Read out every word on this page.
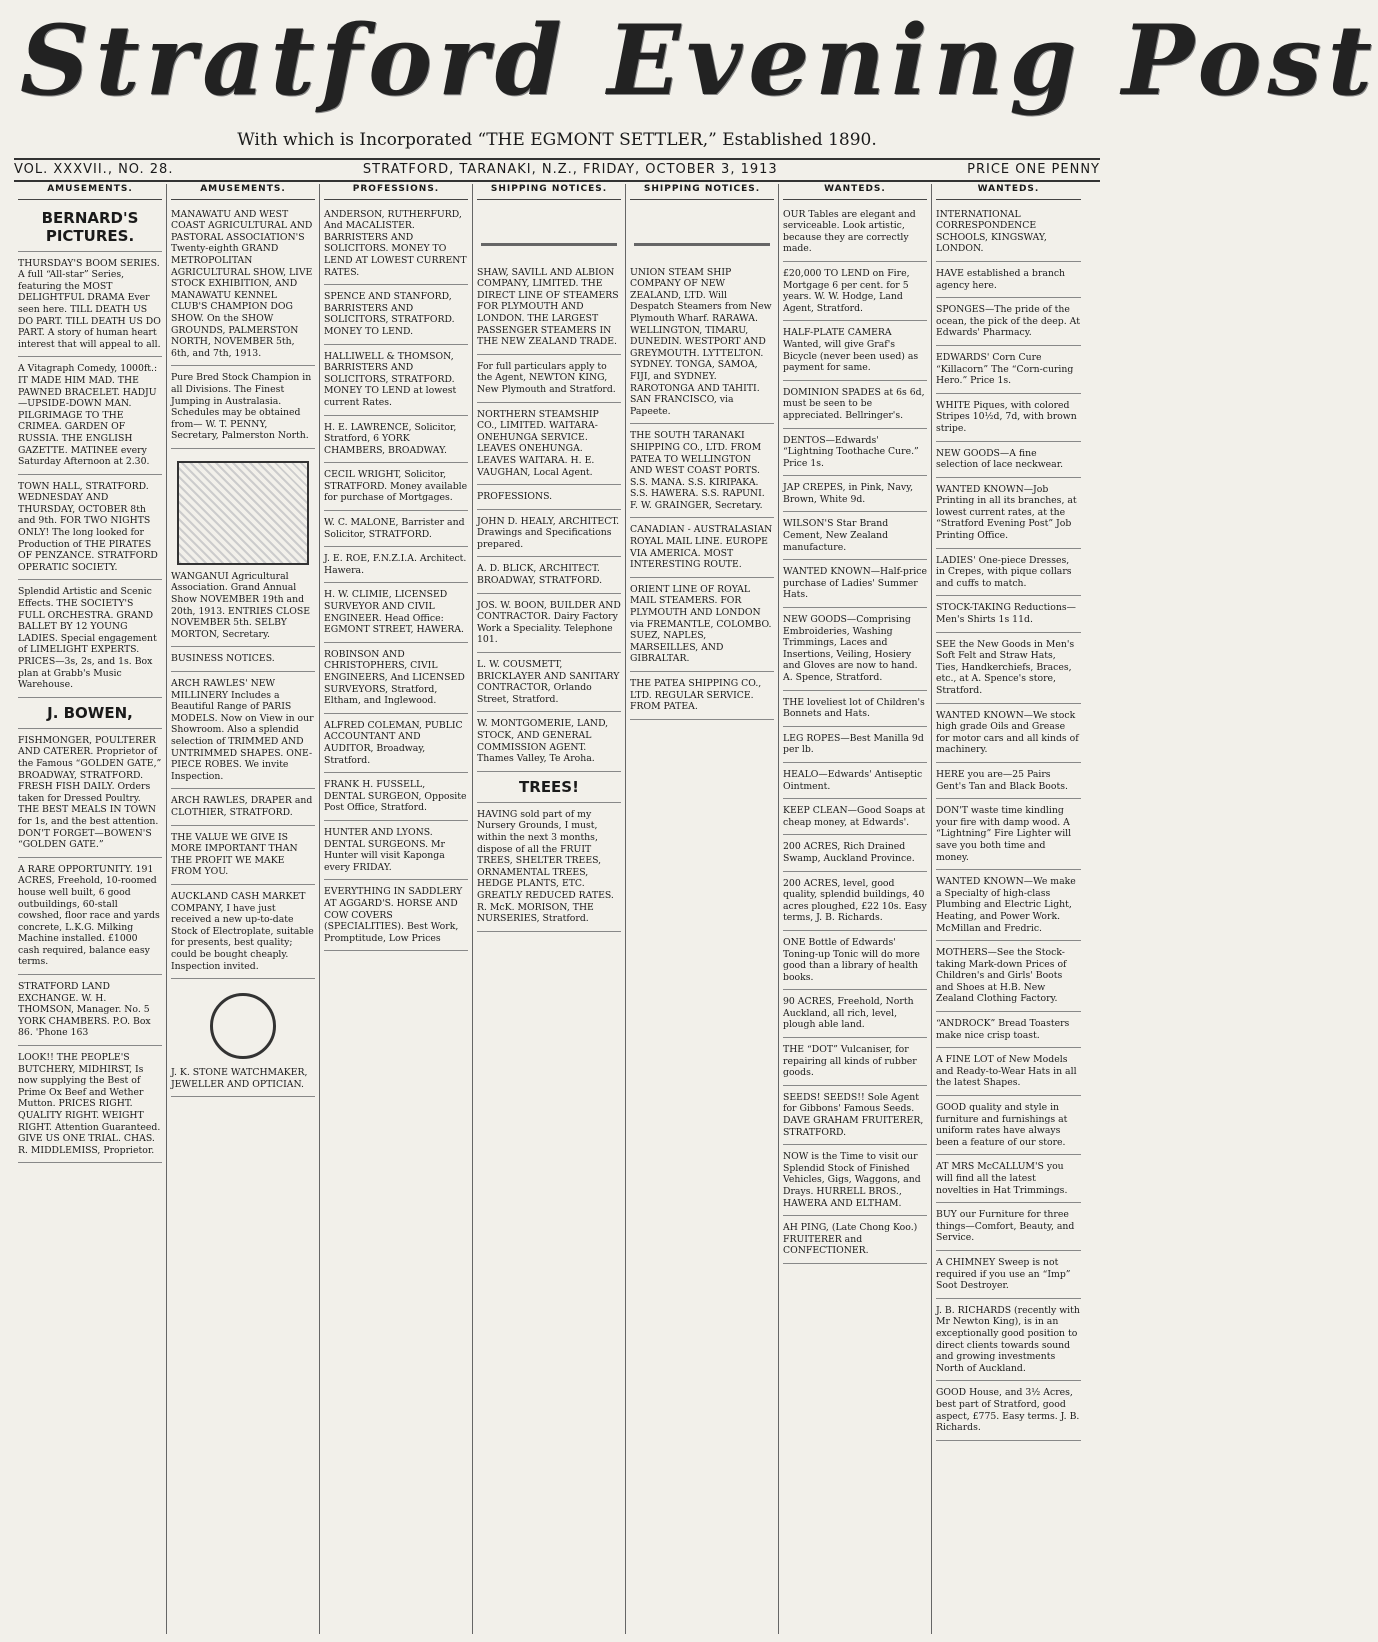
Stratford Evening Post
With which is Incorporated “THE EGMONT SETTLER,” Established 1890.
VOL. XXXVII., NO. 28.	STRATFORD, TARANAKI, N.Z., FRIDAY, OCTOBER 3, 1913	PRICE ONE PENNY
AMUSEMENTS.

BERNARD'S PICTURES.

THURSDAY'S BOOM SERIES. A full “All-star” Series, featuring the MOST DELIGHTFUL DRAMA Ever seen here. TILL DEATH US DO PART. TILL DEATH US DO PART. A story of human heart interest that will appeal to all.

A Vitagraph Comedy, 1000ft.: IT MADE HIM MAD. THE PAWNED BRACELET. HADJU—UPSIDE-DOWN MAN. PILGRIMAGE TO THE CRIMEA. GARDEN OF RUSSIA. THE ENGLISH GAZETTE. MATINEE every Saturday Afternoon at 2.30.

TOWN HALL, STRATFORD. WEDNESDAY AND THURSDAY, OCTOBER 8th and 9th. FOR TWO NIGHTS ONLY! The long looked for Production of THE PIRATES OF PENZANCE. STRATFORD OPERATIC SOCIETY.

Splendid Artistic and Scenic Effects. THE SOCIETY'S FULL ORCHESTRA. GRAND BALLET BY 12 YOUNG LADIES. Special engagement of LIMELIGHT EXPERTS. PRICES—3s, 2s, and 1s. Box plan at Grabb's Music Warehouse.

J. BOWEN,

FISHMONGER, POULTERER AND CATERER. Proprietor of the Famous “GOLDEN GATE,” BROADWAY, STRATFORD. FRESH FISH DAILY. Orders taken for Dressed Poultry. THE BEST MEALS IN TOWN for 1s, and the best attention. DON'T FORGET—BOWEN'S “GOLDEN GATE.”

A RARE OPPORTUNITY. 191 ACRES, Freehold, 10-roomed house well built, 6 good outbuildings, 60-stall cowshed, floor race and yards concrete, L.K.G. Milking Machine installed. £1000 cash required, balance easy terms.

STRATFORD LAND EXCHANGE. W. H. THOMSON, Manager. No. 5 YORK CHAMBERS. P.O. Box 86. 'Phone 163

LOOK!! THE PEOPLE'S BUTCHERY, MIDHIRST, Is now supplying the Best of Prime Ox Beef and Wether Mutton. PRICES RIGHT. QUALITY RIGHT. WEIGHT RIGHT. Attention Guaranteed. GIVE US ONE TRIAL. CHAS. R. MIDDLEMISS, Proprietor.

AMUSEMENTS.

MANAWATU AND WEST COAST AGRICULTURAL AND PASTORAL ASSOCIATION'S Twenty-eighth GRAND METROPOLITAN AGRICULTURAL SHOW, LIVE STOCK EXHIBITION, AND MANAWATU KENNEL CLUB'S CHAMPION DOG SHOW. On the SHOW GROUNDS, PALMERSTON NORTH, NOVEMBER 5th, 6th, and 7th, 1913.

Pure Bred Stock Champion in all Divisions. The Finest Jumping in Australasia. Schedules may be obtained from— W. T. PENNY, Secretary, Palmerston North.

WANGANUI Agricultural Association. Grand Annual Show NOVEMBER 19th and 20th, 1913. ENTRIES CLOSE NOVEMBER 5th. SELBY MORTON, Secretary.

BUSINESS NOTICES.

ARCH RAWLES' NEW MILLINERY Includes a Beautiful Range of PARIS MODELS. Now on View in our Showroom. Also a splendid selection of TRIMMED AND UNTRIMMED SHAPES. ONE-PIECE ROBES. We invite Inspection.

ARCH RAWLES, DRAPER and CLOTHIER, STRATFORD.

THE VALUE WE GIVE IS MORE IMPORTANT THAN THE PROFIT WE MAKE FROM YOU.

AUCKLAND CASH MARKET COMPANY, I have just received a new up-to-date Stock of Electroplate, suitable for presents, best quality; could be bought cheaply. Inspection invited.

J. K. STONE WATCHMAKER, JEWELLER AND OPTICIAN.

PROFESSIONS.

ANDERSON, RUTHERFURD, And MACALISTER. BARRISTERS AND SOLICITORS. MONEY TO LEND AT LOWEST CURRENT RATES.

SPENCE AND STANFORD, BARRISTERS AND SOLICITORS, STRATFORD. MONEY TO LEND.

HALLIWELL & THOMSON, BARRISTERS AND SOLICITORS, STRATFORD. MONEY TO LEND at lowest current Rates.

H. E. LAWRENCE, Solicitor, Stratford, 6 YORK CHAMBERS, BROADWAY.

CECIL WRIGHT, Solicitor, STRATFORD. Money available for purchase of Mortgages.

W. C. MALONE, Barrister and Solicitor, STRATFORD.

J. E. ROE, F.N.Z.I.A. Architect. Hawera.

H. W. CLIMIE, LICENSED SURVEYOR AND CIVIL ENGINEER. Head Office: EGMONT STREET, HAWERA.

ROBINSON AND CHRISTOPHERS, CIVIL ENGINEERS, And LICENSED SURVEYORS, Stratford, Eltham, and Inglewood.

ALFRED COLEMAN, PUBLIC ACCOUNTANT AND AUDITOR, Broadway, Stratford.

FRANK H. FUSSELL, DENTAL SURGEON, Opposite Post Office, Stratford.

HUNTER AND LYONS. DENTAL SURGEONS. Mr Hunter will visit Kaponga every FRIDAY.

EVERYTHING IN SADDLERY AT AGGARD'S. HORSE AND COW COVERS (SPECIALITIES). Best Work, Promptitude, Low Prices

SHIPPING NOTICES.

SHAW, SAVILL AND ALBION COMPANY, LIMITED. THE DIRECT LINE OF STEAMERS FOR PLYMOUTH AND LONDON. THE LARGEST PASSENGER STEAMERS IN THE NEW ZEALAND TRADE.

For full particulars apply to the Agent, NEWTON KING, New Plymouth and Stratford.

NORTHERN STEAMSHIP CO., LIMITED. WAITARA-ONEHUNGA SERVICE. LEAVES ONEHUNGA. LEAVES WAITARA. H. E. VAUGHAN, Local Agent.

PROFESSIONS.

JOHN D. HEALY, ARCHITECT. Drawings and Specifications prepared.

A. D. BLICK, ARCHITECT. BROADWAY, STRATFORD.

JOS. W. BOON, BUILDER AND CONTRACTOR. Dairy Factory Work a Speciality. Telephone 101.

L. W. COUSMETT, BRICKLAYER AND SANITARY CONTRACTOR, Orlando Street, Stratford.

W. MONTGOMERIE, LAND, STOCK, AND GENERAL COMMISSION AGENT. Thames Valley, Te Aroha.

TREES!

HAVING sold part of my Nursery Grounds, I must, within the next 3 months, dispose of all the FRUIT TREES, SHELTER TREES, ORNAMENTAL TREES, HEDGE PLANTS, ETC. GREATLY REDUCED RATES. R. McK. MORISON, THE NURSERIES, Stratford.

SHIPPING NOTICES.

UNION STEAM SHIP COMPANY OF NEW ZEALAND, LTD. Will Despatch Steamers from New Plymouth Wharf. RARAWA. WELLINGTON, TIMARU, DUNEDIN. WESTPORT AND GREYMOUTH. LYTTELTON. SYDNEY. TONGA, SAMOA, FIJI, and SYDNEY. RAROTONGA AND TAHITI. SAN FRANCISCO, via Papeete.

THE SOUTH TARANAKI SHIPPING CO., LTD. FROM PATEA TO WELLINGTON AND WEST COAST PORTS. S.S. MANA. S.S. KIRIPAKA. S.S. HAWERA. S.S. RAPUNI. F. W. GRAINGER, Secretary.

CANADIAN - AUSTRALASIAN ROYAL MAIL LINE. EUROPE VIA AMERICA. MOST INTERESTING ROUTE.

ORIENT LINE OF ROYAL MAIL STEAMERS. FOR PLYMOUTH AND LONDON via FREMANTLE, COLOMBO. SUEZ, NAPLES, MARSEILLES, AND GIBRALTAR.

THE PATEA SHIPPING CO., LTD. REGULAR SERVICE. FROM PATEA.

WANTEDS.

OUR Tables are elegant and serviceable. Look artistic, because they are correctly made.

£20,000 TO LEND on Fire, Mortgage 6 per cent. for 5 years. W. W. Hodge, Land Agent, Stratford.

HALF-PLATE CAMERA Wanted, will give Graf's Bicycle (never been used) as payment for same.

DOMINION SPADES at 6s 6d, must be seen to be appreciated. Bellringer's.

DENTOS—Edwards' “Lightning Toothache Cure.” Price 1s.

JAP CREPES, in Pink, Navy, Brown, White 9d.

WILSON'S Star Brand Cement, New Zealand manufacture.

WANTED KNOWN—Half-price purchase of Ladies' Summer Hats.

NEW GOODS—Comprising Embroideries, Washing Trimmings, Laces and Insertions, Veiling, Hosiery and Gloves are now to hand. A. Spence, Stratford.

THE loveliest lot of Children's Bonnets and Hats.

LEG ROPES—Best Manilla 9d per lb.

HEALO—Edwards' Antiseptic Ointment.

KEEP CLEAN—Good Soaps at cheap money, at Edwards'.

200 ACRES, Rich Drained Swamp, Auckland Province.

200 ACRES, level, good quality, splendid buildings, 40 acres ploughed, £22 10s. Easy terms, J. B. Richards.

ONE Bottle of Edwards' Toning-up Tonic will do more good than a library of health books.

90 ACRES, Freehold, North Auckland, all rich, level, plough able land.

THE “DOT” Vulcaniser, for repairing all kinds of rubber goods.

SEEDS! SEEDS!! Sole Agent for Gibbons' Famous Seeds. DAVE GRAHAM FRUITERER, STRATFORD.

NOW is the Time to visit our Splendid Stock of Finished Vehicles, Gigs, Waggons, and Drays. HURRELL BROS., HAWERA AND ELTHAM.

AH PING, (Late Chong Koo.) FRUITERER and CONFECTIONER.

WANTEDS.

INTERNATIONAL CORRESPONDENCE SCHOOLS, KINGSWAY, LONDON.

HAVE established a branch agency here.

SPONGES—The pride of the ocean, the pick of the deep. At Edwards' Pharmacy.

EDWARDS' Corn Cure “Killacorn” The “Corn-curing Hero.” Price 1s.

WHITE Piques, with colored Stripes 10½d, 7d, with brown stripe.

NEW GOODS—A fine selection of lace neckwear.

WANTED KNOWN—Job Printing in all its branches, at lowest current rates, at the “Stratford Evening Post” Job Printing Office.

LADIES' One-piece Dresses, in Crepes, with pique collars and cuffs to match.

STOCK-TAKING Reductions—Men's Shirts 1s 11d.

SEE the New Goods in Men's Soft Felt and Straw Hats, Ties, Handkerchiefs, Braces, etc., at A. Spence's store, Stratford.

WANTED KNOWN—We stock high grade Oils and Grease for motor cars and all kinds of machinery.

HERE you are—25 Pairs Gent's Tan and Black Boots.

DON'T waste time kindling your fire with damp wood. A “Lightning” Fire Lighter will save you both time and money.

WANTED KNOWN—We make a Specialty of high-class Plumbing and Electric Light, Heating, and Power Work. McMillan and Fredric.

MOTHERS—See the Stock-taking Mark-down Prices of Children's and Girls' Boots and Shoes at H.B. New Zealand Clothing Factory.

“ANDROCK” Bread Toasters make nice crisp toast.

A FINE LOT of New Models and Ready-to-Wear Hats in all the latest Shapes.

GOOD quality and style in furniture and furnishings at uniform rates have always been a feature of our store.

AT MRS McCALLUM'S you will find all the latest novelties in Hat Trimmings.

BUY our Furniture for three things—Comfort, Beauty, and Service.

A CHIMNEY Sweep is not required if you use an “Imp” Soot Destroyer.

J. B. RICHARDS (recently with Mr Newton King), is in an exceptionally good position to direct clients towards sound and growing investments North of Auckland.

GOOD House, and 3½ Acres, best part of Stratford, good aspect, £775. Easy terms. J. B. Richards.
